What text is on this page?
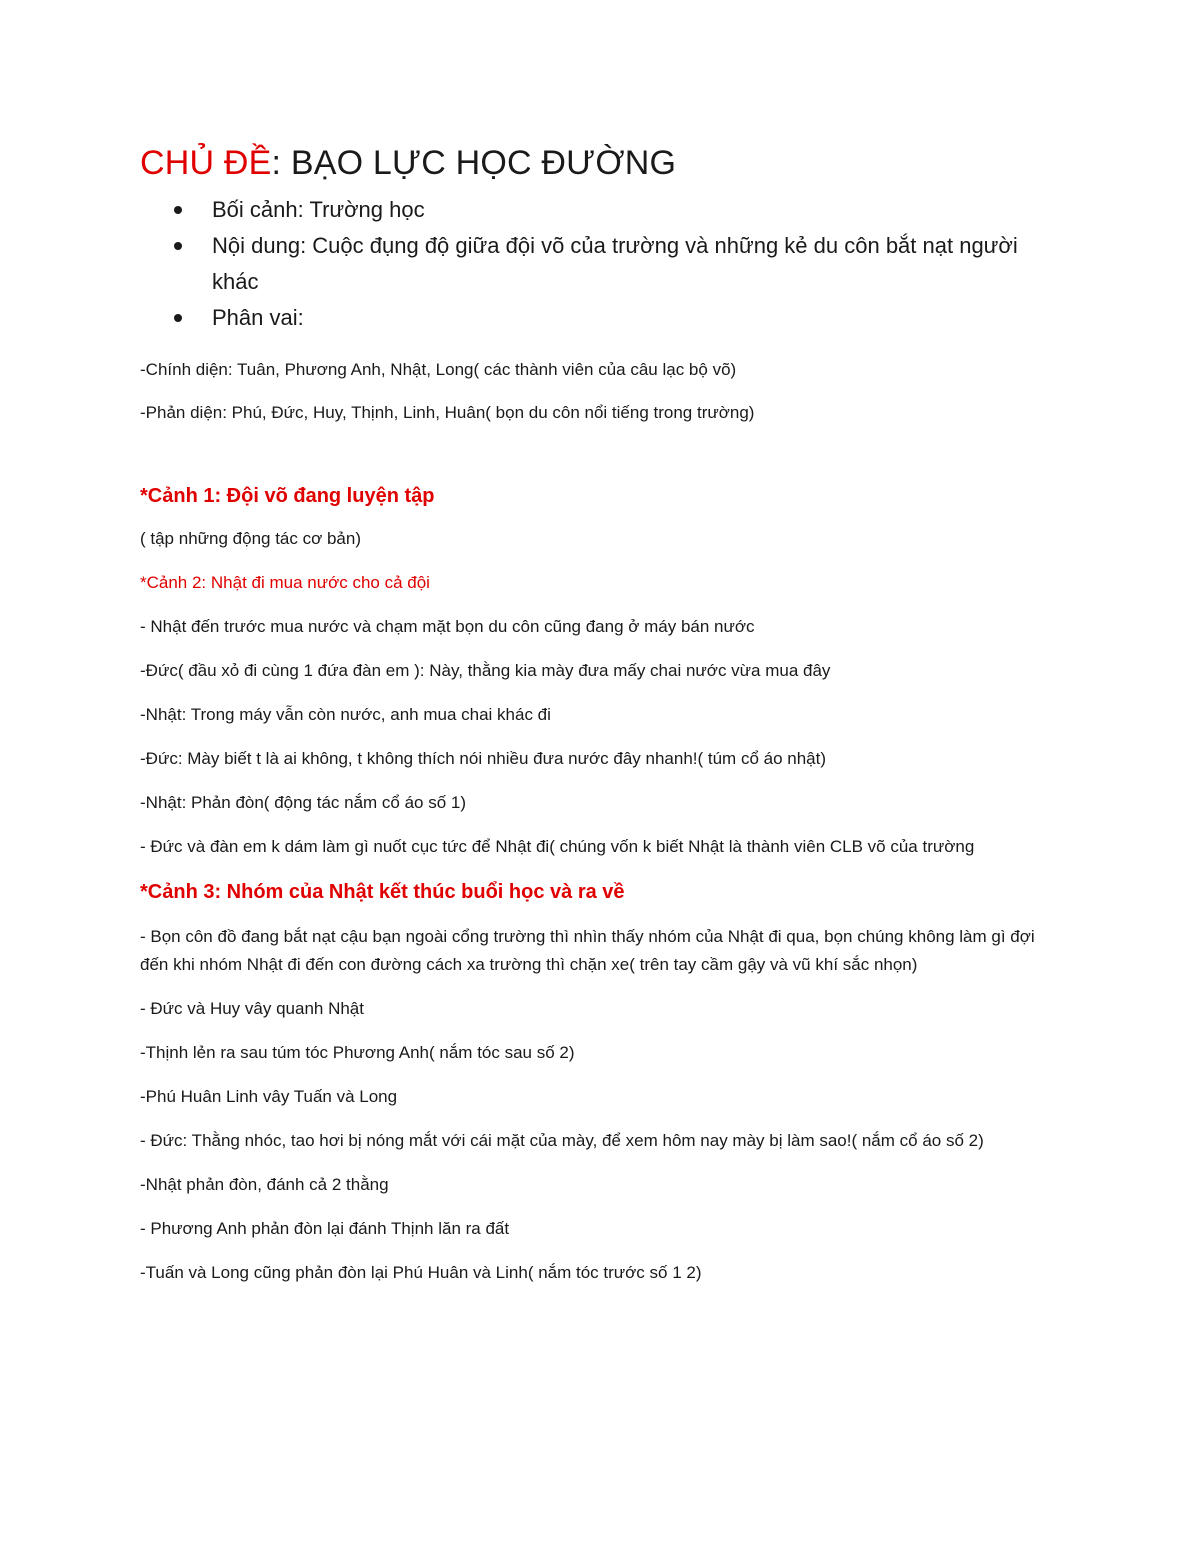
CHỦ ĐỀ: BẠO LỰC HỌC ĐƯỜNG
Bối cảnh: Trường học
Nội dung: Cuộc đụng độ giữa đội võ của trường và những kẻ du côn bắt nạt người khác
Phân vai:

-Chính diện: Tuân, Phương Anh, Nhật, Long( các thành viên của câu lạc bộ võ)

-Phản diện: Phú, Đức, Huy, Thịnh, Linh, Huân( bọn du côn nổi tiếng trong trường)

*Cảnh 1: Đội võ đang luyện tập

( tập những động tác cơ bản)

*Cảnh 2: Nhật đi mua nước cho cả đội

- Nhật đến trước mua nước và chạm mặt bọn du côn cũng đang ở máy bán nước

-Đức( đầu xỏ đi cùng 1 đứa đàn em ): Này, thằng kia mày đưa mấy chai nước vừa mua đây

-Nhật: Trong máy vẫn còn nước, anh mua chai khác đi

-Đức: Mày biết t là ai không, t không thích nói nhiều đưa nước đây nhanh!( túm cổ áo nhật)

-Nhật: Phản đòn( động tác nắm cổ áo số 1)

- Đức và đàn em k dám làm gì nuốt cục tức để Nhật đi( chúng vốn k biết Nhật là thành viên CLB võ của trường

*Cảnh 3: Nhóm của Nhật kết thúc buổi học và ra về

- Bọn côn đồ đang bắt nạt cậu bạn ngoài cổng trường thì nhìn thấy nhóm của Nhật đi qua, bọn chúng không làm gì đợi đến khi nhóm Nhật đi đến con đường cách xa trường thì chặn xe( trên tay cầm gậy và vũ khí sắc nhọn)

- Đức và Huy vây quanh Nhật

-Thịnh lẻn ra sau túm tóc Phương Anh( nắm tóc sau số 2)

-Phú Huân Linh vây Tuấn và Long

- Đức: Thằng nhóc, tao hơi bị nóng mắt với cái mặt của mày, để xem hôm nay mày bị làm sao!( nắm cổ áo số 2)

-Nhật phản đòn, đánh cả 2 thằng

- Phương Anh phản đòn lại đánh Thịnh lăn ra đất

-Tuấn và Long cũng phản đòn lại Phú Huân và Linh( nắm tóc trước số 1 2)
